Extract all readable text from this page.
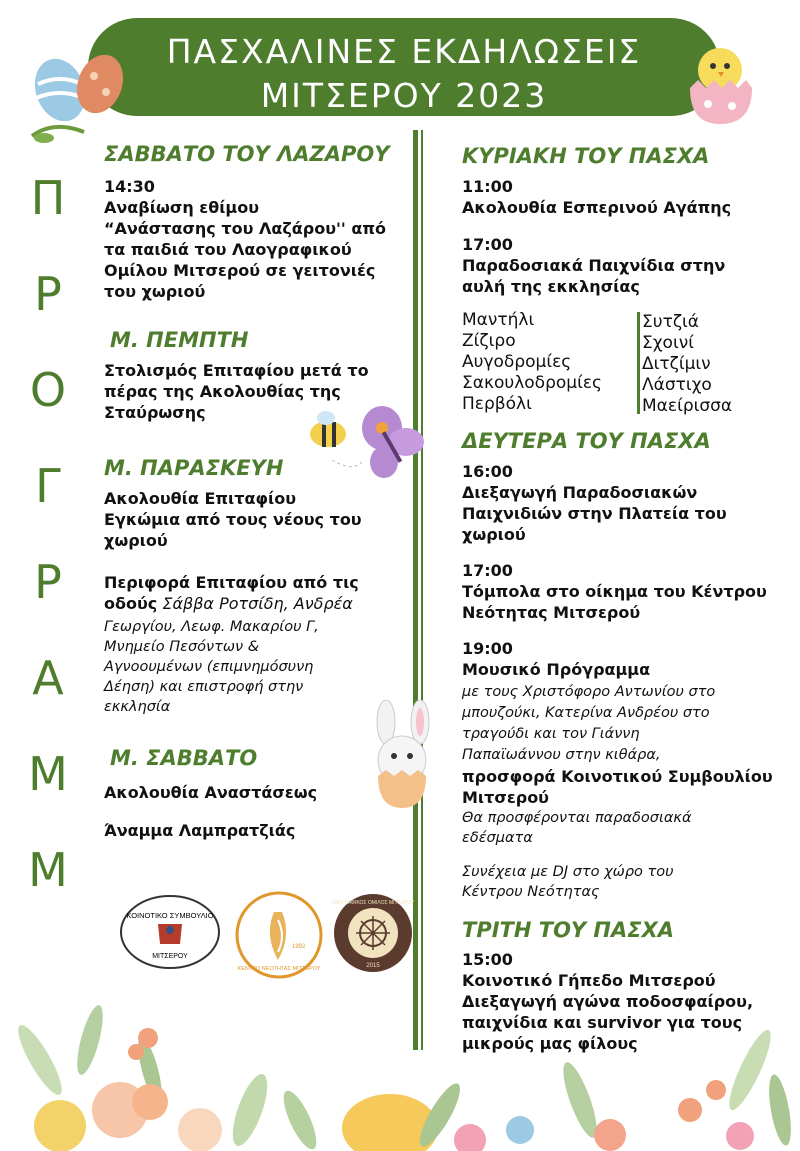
ΠΑΣΧΑΛΙΝΕΣ ΕΚΔΗΛΩΣΕΙΣ
ΜΙΤΣΕΡΟΥ 2023
Π
Ρ
Ο
Γ
Ρ
Α
Μ
Μ
ΣΑΒΒΑΤΟ ΤΟΥ ΛΑΖΑΡΟΥ
14:30
Αναβίωση εθίμου
“Ανάστασης του Λαζάρου'' από
τα παιδιά του Λαογραφικού
Ομίλου Μιτσερού σε γειτονιές
του χωριού
Μ. ΠΕΜΠΤΗ
Στολισμός Επιταφίου μετά το
πέρας της Ακολουθίας της
Σταύρωσης
Μ. ΠΑΡΑΣΚΕΥΗ
Ακολουθία Επιταφίου
Εγκώμια από τους νέους του
χωριού
Περιφορά Επιταφίου από τις
οδούς Σάββα Ροτσίδη, Ανδρέα
Γεωργίου, Λεωφ. Μακαρίου Γ,
Μνημείο Πεσόντων &
Αγνοουμένων (επιμνημόσυνη
Δέηση) και επιστροφή στην
εκκλησία
Μ. ΣΑΒΒΑΤΟ
Ακολουθία Αναστάσεως
Άναμμα Λαμπρατζιάς
ΚΟΙΝΟΤΙΚΟ ΣΥΜΒΟΥΛΙΟ
ΜΙΤΣΕΡΟΥ
1992
ΚΕΝΤΡΟ ΝΕΟΤΗΤΑΣ ΜΙΤΣΕΡΟΥ
ΛΑΟΓΡΑΦΙΚΟΣ ΟΜΙΛΟΣ ΜΙΤΣΕΡΟΥ
2015
ΚΥΡΙΑΚΗ ΤΟΥ ΠΑΣΧΑ
11:00
Ακολουθία Εσπερινού Αγάπης
17:00
Παραδοσιακά Παιχνίδια στην
αυλή της εκκλησίας
Μαντήλι
Ζίζιρο
Αυγοδρομίες
Σακουλοδρομίες
Περβόλι
Συτζιά
Σχοινί
Διτζίμιν
Λάστιχο
Μαείρισσα
ΔΕΥΤΕΡΑ ΤΟΥ ΠΑΣΧΑ
16:00
Διεξαγωγή Παραδοσιακών
Παιχνιδιών στην Πλατεία του
χωριού
17:00
Τόμπολα στο οίκημα του Κέντρου
Νεότητας Μιτσερού
19:00
Μουσικό Πρόγραμμα
με τους Χριστόφορο Αντωνίου στο
μπουζούκι, Κατερίνα Ανδρέου στο
τραγούδι και τον Γιάννη
Παπαϊωάννου στην κιθάρα,
προσφορά Κοινοτικού Συμβουλίου
Μιτσερού
Θα προσφέρονται παραδοσιακά
εδέσματα
Συνέχεια με DJ στο χώρο του
Κέντρου Νεότητας
ΤΡΙΤΗ ΤΟΥ ΠΑΣΧΑ
15:00
Κοινοτικό Γήπεδο Μιτσερού
Διεξαγωγή αγώνα ποδοσφαίρου,
παιχνίδια και survivor για τους
μικρούς μας φίλους
